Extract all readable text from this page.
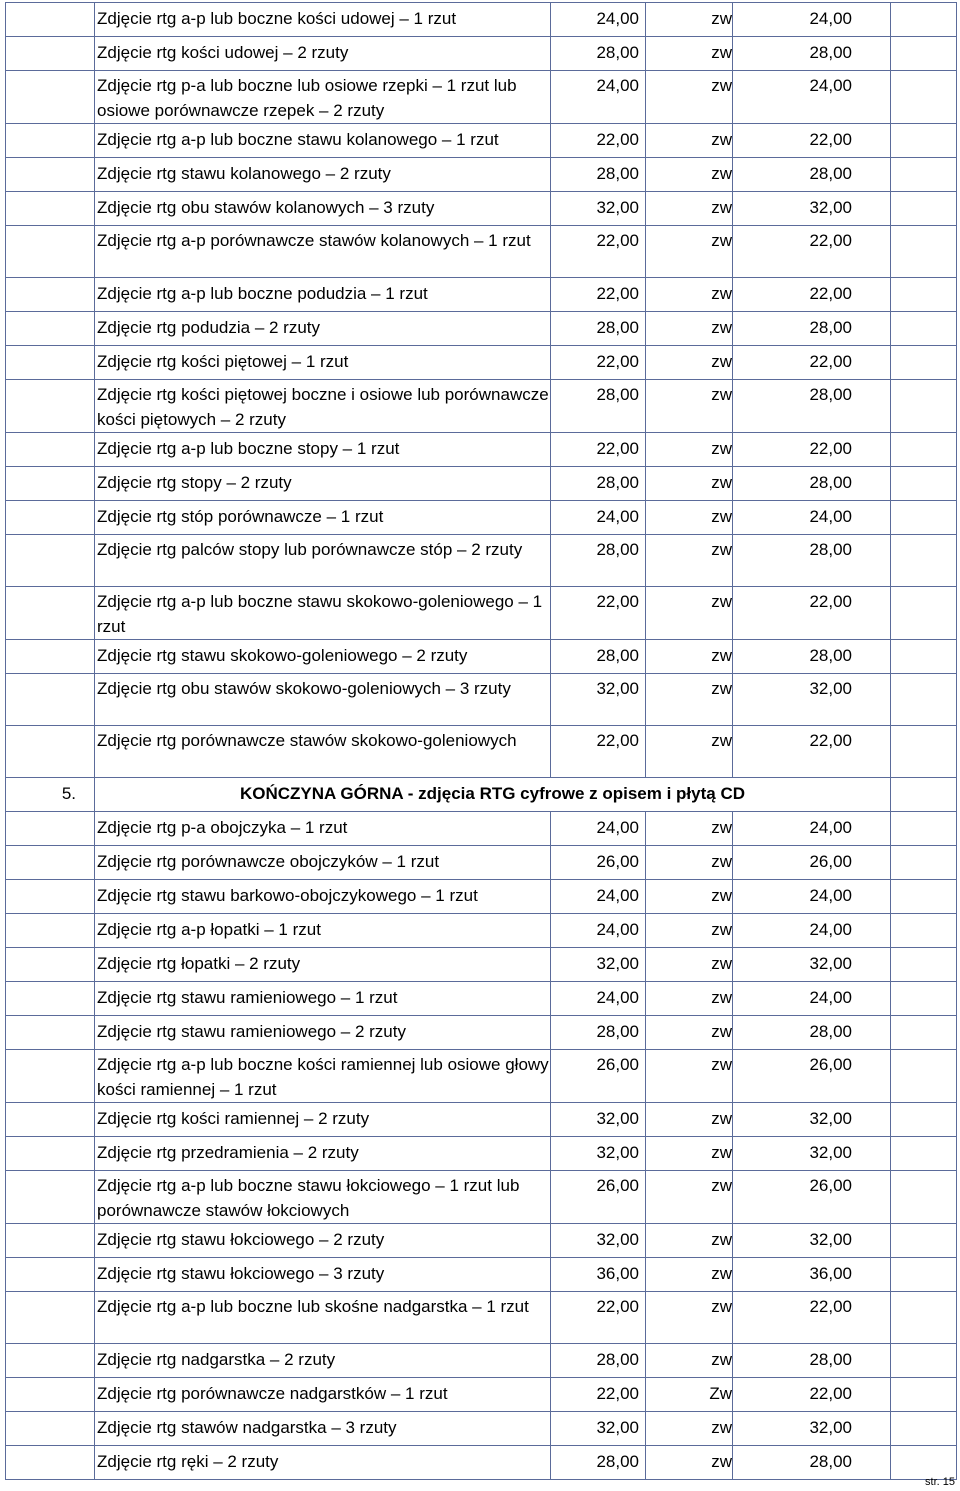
	Zdjęcie rtg a-p lub boczne kości udowej – 1 rzut	24,00	zw	24,00	
	Zdjęcie rtg kości udowej – 2 rzuty	28,00	zw	28,00	
	Zdjęcie rtg p-a lub boczne lub osiowe rzepki – 1 rzut lub osiowe porównawcze rzepek – 2 rzuty	24,00	zw	24,00	
	Zdjęcie rtg a-p lub boczne stawu kolanowego – 1 rzut	22,00	zw	22,00	
	Zdjęcie rtg stawu kolanowego – 2 rzuty	28,00	zw	28,00	
	Zdjęcie rtg obu stawów kolanowych – 3 rzuty	32,00	zw	32,00	
	Zdjęcie rtg a-p porównawcze stawów kolanowych – 1 rzut	22,00	zw	22,00	
	Zdjęcie rtg a-p lub boczne podudzia – 1 rzut	22,00	zw	22,00	
	Zdjęcie rtg podudzia – 2 rzuty	28,00	zw	28,00	
	Zdjęcie rtg kości piętowej – 1 rzut	22,00	zw	22,00	
	Zdjęcie rtg kości piętowej boczne i osiowe lub porównawcze kości piętowych – 2 rzuty	28,00	zw	28,00	
	Zdjęcie rtg a-p lub boczne stopy – 1 rzut	22,00	zw	22,00	
	Zdjęcie rtg stopy – 2 rzuty	28,00	zw	28,00	
	Zdjęcie rtg stóp porównawcze – 1 rzut	24,00	zw	24,00	
	Zdjęcie rtg palców stopy lub porównawcze stóp – 2 rzuty	28,00	zw	28,00	
	Zdjęcie rtg a-p lub boczne stawu skokowo-goleniowego – 1 rzut	22,00	zw	22,00	
	Zdjęcie rtg stawu skokowo-goleniowego – 2 rzuty	28,00	zw	28,00	
	Zdjęcie rtg obu stawów skokowo-goleniowych – 3 rzuty	32,00	zw	32,00	
	Zdjęcie rtg porównawcze stawów skokowo-goleniowych	22,00	zw	22,00	
5.	KOŃCZYNA GÓRNA - zdjęcia RTG cyfrowe z opisem i płytą CD				
	Zdjęcie rtg p-a obojczyka – 1 rzut	24,00	zw	24,00	
	Zdjęcie rtg porównawcze obojczyków – 1 rzut	26,00	zw	26,00	
	Zdjęcie rtg stawu barkowo-obojczykowego – 1 rzut	24,00	zw	24,00	
	Zdjęcie rtg a-p łopatki – 1 rzut	24,00	zw	24,00	
	Zdjęcie rtg łopatki – 2 rzuty	32,00	zw	32,00	
	Zdjęcie rtg stawu ramieniowego – 1 rzut	24,00	zw	24,00	
	Zdjęcie rtg stawu ramieniowego – 2 rzuty	28,00	zw	28,00	
	Zdjęcie rtg a-p lub boczne kości ramiennej lub osiowe głowy kości ramiennej – 1 rzut	26,00	zw	26,00	
	Zdjęcie rtg kości ramiennej – 2 rzuty	32,00	zw	32,00	
	Zdjęcie rtg przedramienia – 2 rzuty	32,00	zw	32,00	
	Zdjęcie rtg a-p lub boczne stawu łokciowego – 1 rzut lub porównawcze stawów łokciowych	26,00	zw	26,00	
	Zdjęcie rtg stawu łokciowego – 2 rzuty	32,00	zw	32,00	
	Zdjęcie rtg stawu łokciowego – 3 rzuty	36,00	zw	36,00	
	Zdjęcie rtg a-p lub boczne lub skośne nadgarstka – 1 rzut	22,00	zw	22,00	
	Zdjęcie rtg nadgarstka – 2 rzuty	28,00	zw	28,00	
	Zdjęcie rtg porównawcze nadgarstków – 1 rzut	22,00	Zw	22,00	
	Zdjęcie rtg stawów nadgarstka – 3 rzuty	32,00	zw	32,00	
	Zdjęcie rtg ręki – 2 rzuty	28,00	zw	28,00	
str. 15
